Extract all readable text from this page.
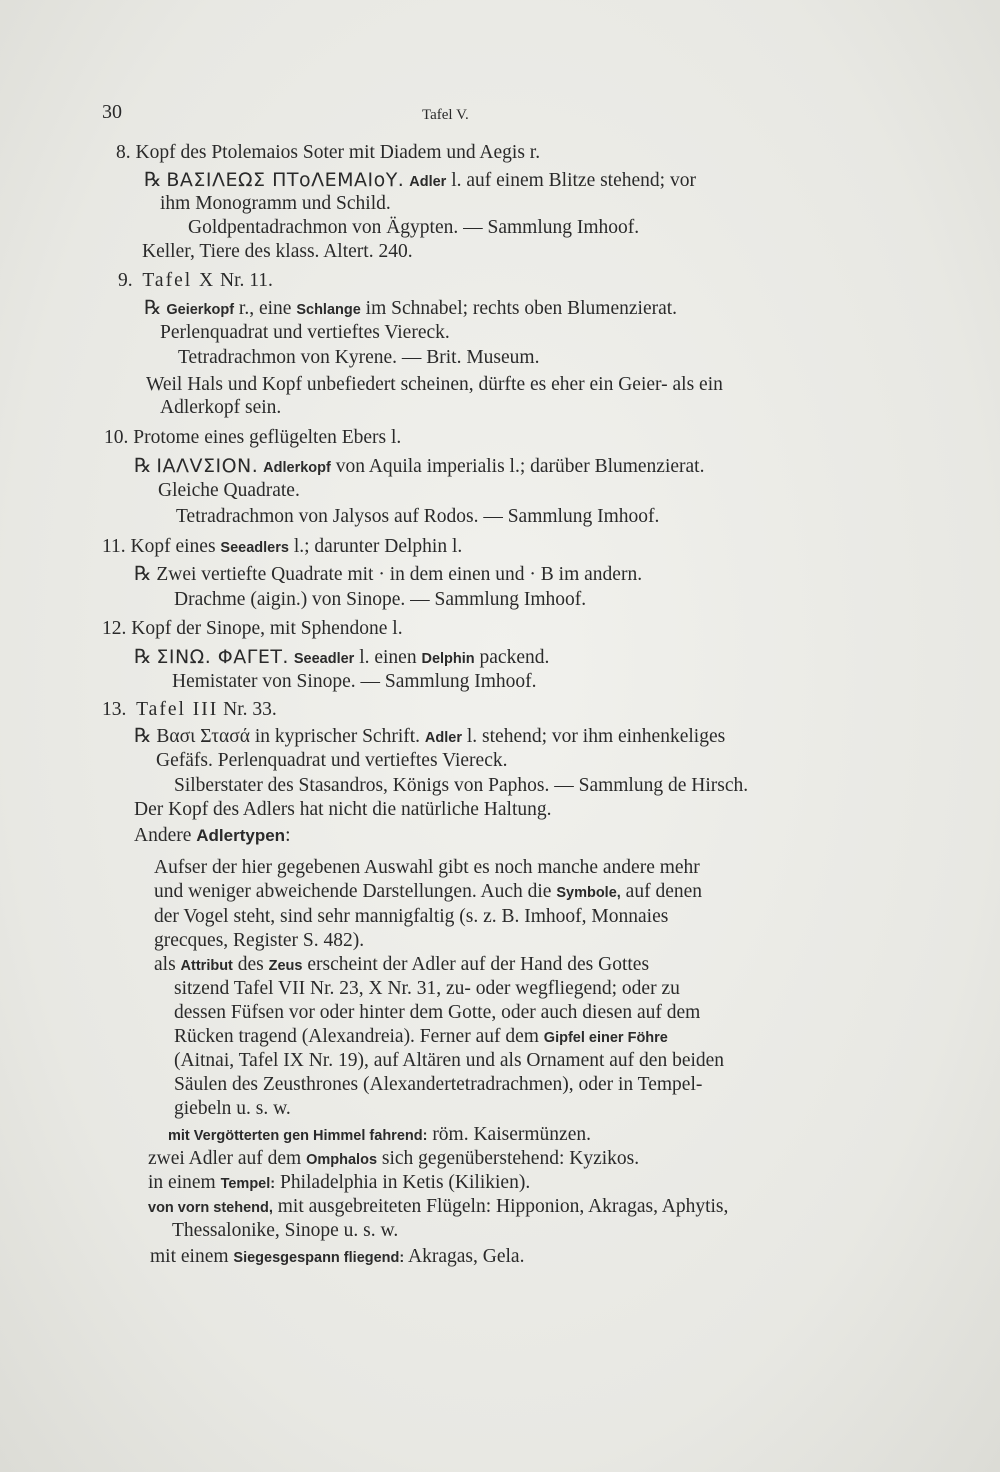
30	Tafel V.
8. Kopf des Ptolemaios Soter mit Diadem und Aegis r.
℞ ΒΑΣΙΛΕΩΣ ΠΤοΛΕΜΑΙοΥ. Adler l. auf einem Blitze stehend; vor
ihm Monogramm und Schild.
Goldpentadrachmon von Ägypten. — Sammlung Imhoof.
Keller, Tiere des klass. Altert. 240.
9. Tafel X Nr. 11.
℞ Geierkopf r., eine Schlange im Schnabel; rechts oben Blumenzierat.
Perlenquadrat und vertieftes Viereck.
Tetradrachmon von Kyrene. — Brit. Museum.
Weil Hals und Kopf unbefiedert scheinen, dürfte es eher ein Geier- als ein
Adlerkopf sein.
10. Protome eines geflügelten Ebers l.
℞ ΙΑΛVΣΙΟΝ. Adlerkopf von Aquila imperialis l.; darüber Blumenzierat.
Gleiche Quadrate.
Tetradrachmon von Jalysos auf Rodos. — Sammlung Imhoof.
11. Kopf eines Seeadlers l.; darunter Delphin l.
℞ Zwei vertiefte Quadrate mit · in dem einen und · Β im andern.
Drachme (aigin.) von Sinope. — Sammlung Imhoof.
12. Kopf der Sinope, mit Sphendone l.
℞ ΣΙΝΩ. ΦΑΓΕΤ. Seeadler l. einen Delphin packend.
Hemistater von Sinope. — Sammlung Imhoof.
13. Tafel III Nr. 33.
℞ Βασι Στασά in kyprischer Schrift. Adler l. stehend; vor ihm einhenkeliges
Gefäfs. Perlenquadrat und vertieftes Viereck.
Silberstater des Stasandros, Königs von Paphos. — Sammlung de Hirsch.
Der Kopf des Adlers hat nicht die natürliche Haltung.
Andere Adlertypen:
Aufser der hier gegebenen Auswahl gibt es noch manche andere mehr
und weniger abweichende Darstellungen. Auch die Symbole, auf denen
der Vogel steht, sind sehr mannigfaltig (s. z. B. Imhoof, Monnaies
grecques, Register S. 482).
als Attribut des Zeus erscheint der Adler auf der Hand des Gottes
sitzend Tafel VII Nr. 23, X Nr. 31, zu- oder wegfliegend; oder zu
dessen Füfsen vor oder hinter dem Gotte, oder auch diesen auf dem
Rücken tragend (Alexandreia). Ferner auf dem Gipfel einer Föhre
(Aitnai, Tafel IX Nr. 19), auf Altären und als Ornament auf den beiden
Säulen des Zeusthrones (Alexandertetradrachmen), oder in Tempel-
giebeln u. s. w.
mit Vergötterten gen Himmel fahrend: röm. Kaisermünzen.
zwei Adler auf dem Omphalos sich gegenüberstehend: Kyzikos.
in einem Tempel: Philadelphia in Ketis (Kilikien).
von vorn stehend, mit ausgebreiteten Flügeln: Hipponion, Akragas, Aphytis,
Thessalonike, Sinope u. s. w.
mit einem Siegesgespann fliegend: Akragas, Gela.
